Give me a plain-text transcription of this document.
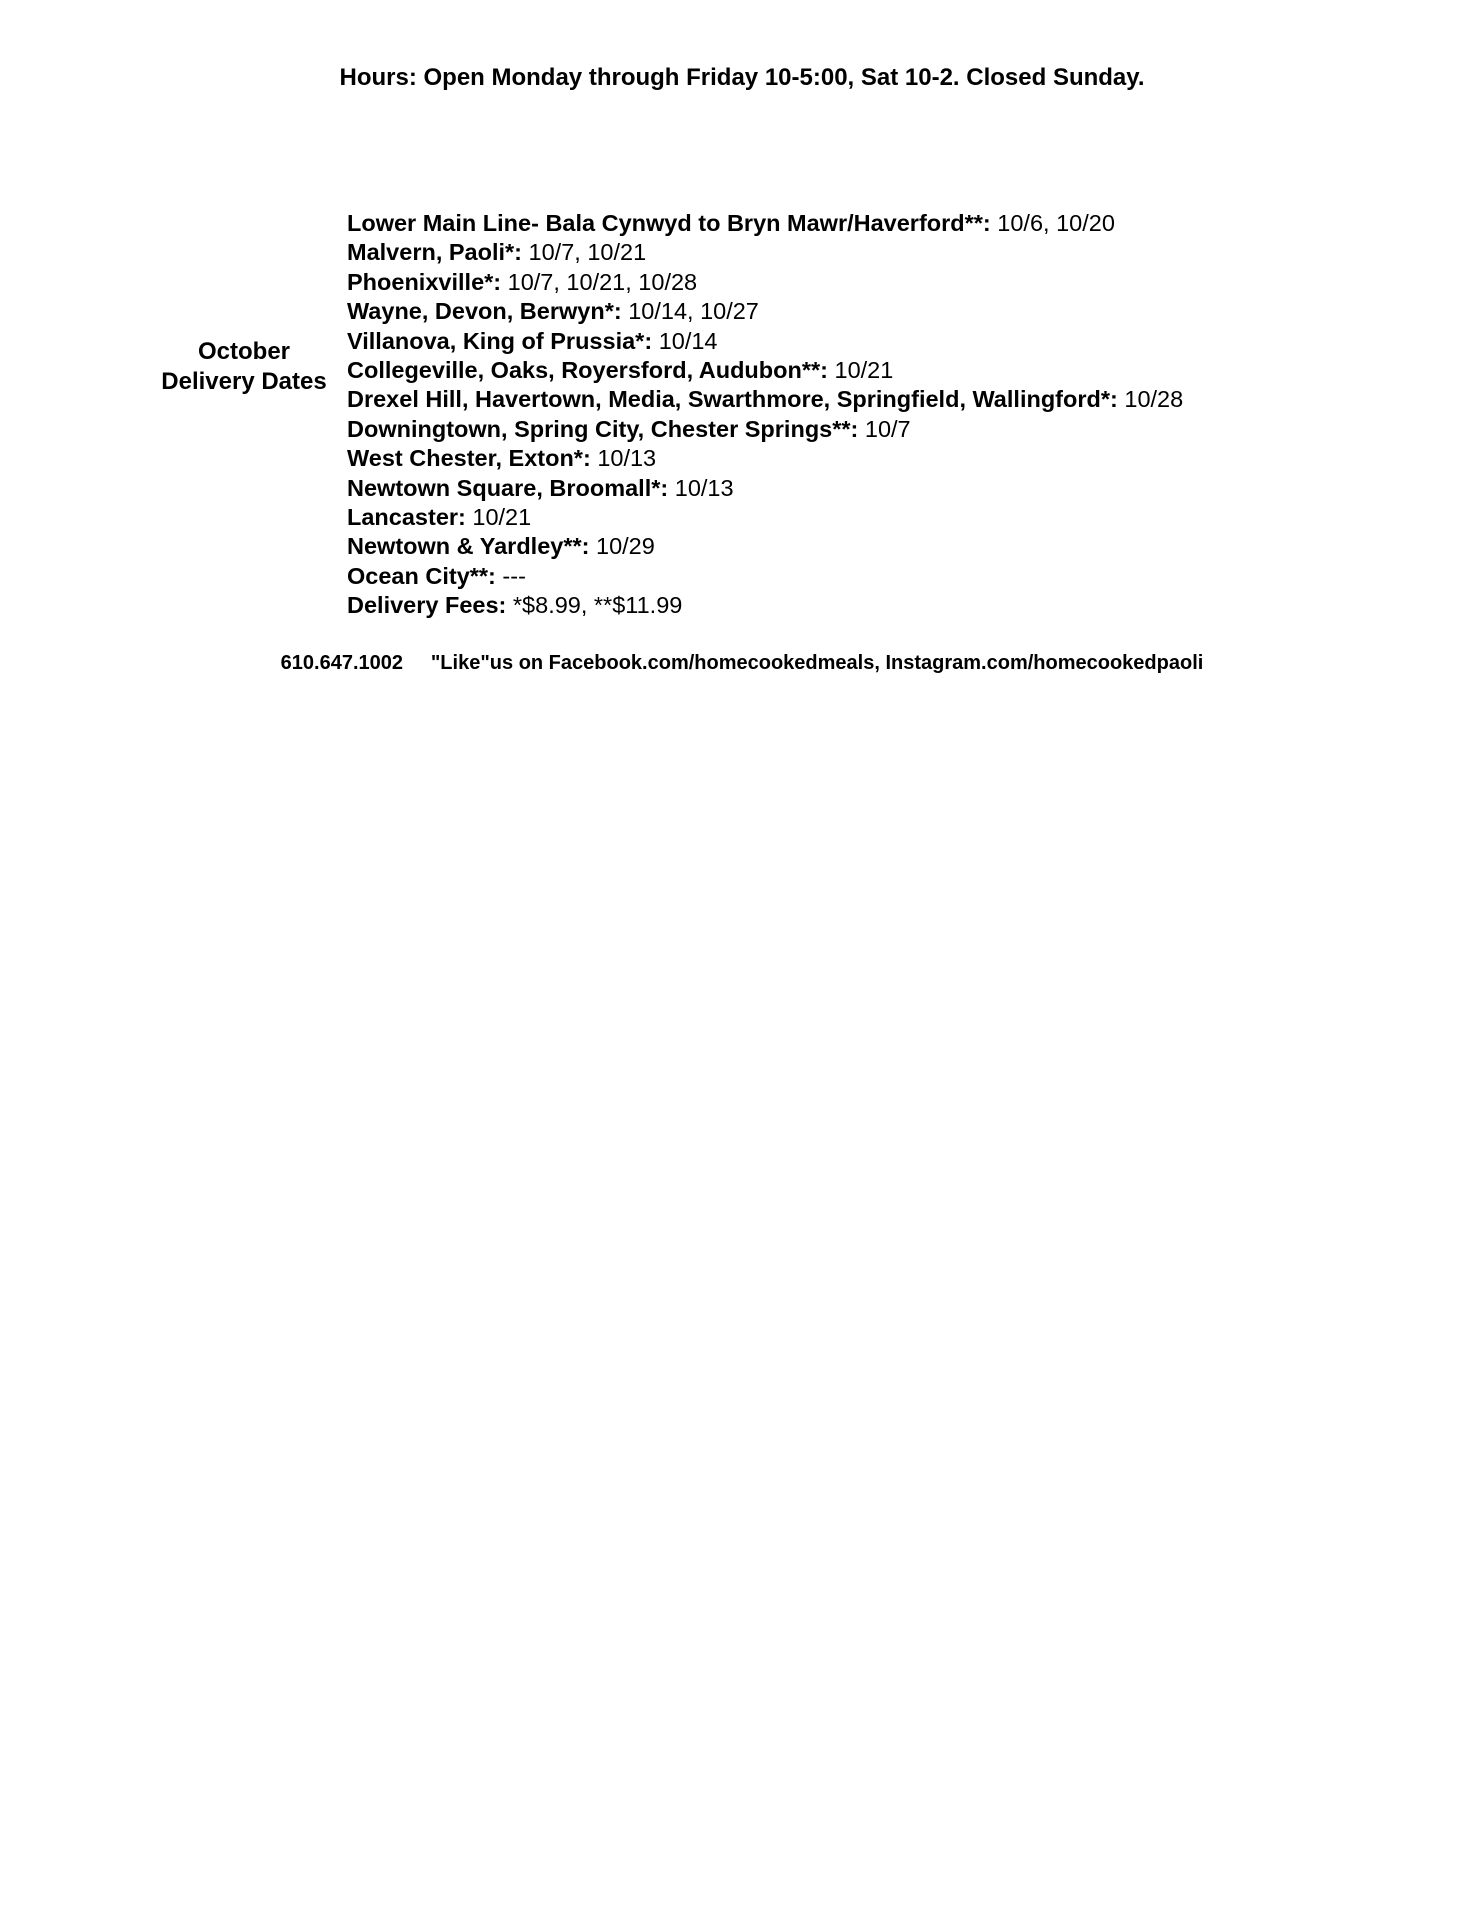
Hours: Open Monday through Friday 10-5:00, Sat 10-2. Closed Sunday.
October
Delivery Dates
Lower Main Line- Bala Cynwyd to Bryn Mawr/Haverford**: 10/6, 10/20
Malvern, Paoli*: 10/7, 10/21
Phoenixville*: 10/7, 10/21, 10/28
Wayne, Devon, Berwyn*: 10/14, 10/27
Villanova, King of Prussia*: 10/14
Collegeville, Oaks, Royersford, Audubon**: 10/21
Drexel Hill, Havertown, Media, Swarthmore, Springfield, Wallingford*: 10/28
Downingtown, Spring City, Chester Springs**: 10/7
West Chester, Exton*: 10/13
Newtown Square, Broomall*: 10/13
Lancaster: 10/21
Newtown & Yardley**: 10/29
Ocean City**: ---
Delivery Fees: *$8.99, **$11.99
610.647.1002 "Like"us on Facebook.com/homecookedmeals, Instagram.com/homecookedpaoli
